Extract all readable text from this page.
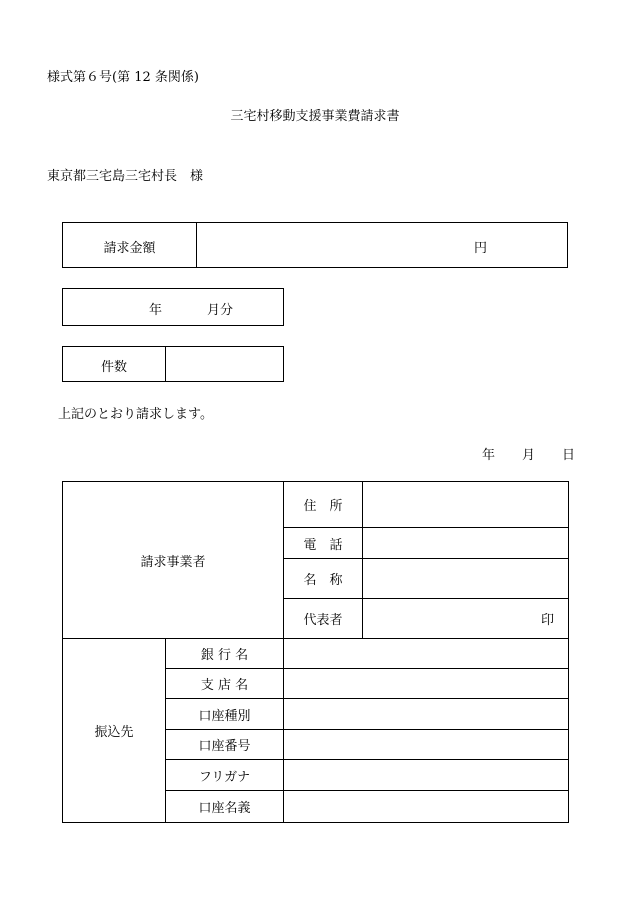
様式第６号(第 12 条関係)
三宅村移動支援事業費請求書
東京都三宅島三宅村長　様
請求金額	円
年	月分
件数
上記のとおり請求します。
年 月 日
請求事業者		住　所	
		電　話	
		名　称	
		代表者	印
振込先	銀 行 名		
	支 店 名		
	口座種別		
	口座番号		
	フリガナ		
	口座名義		
